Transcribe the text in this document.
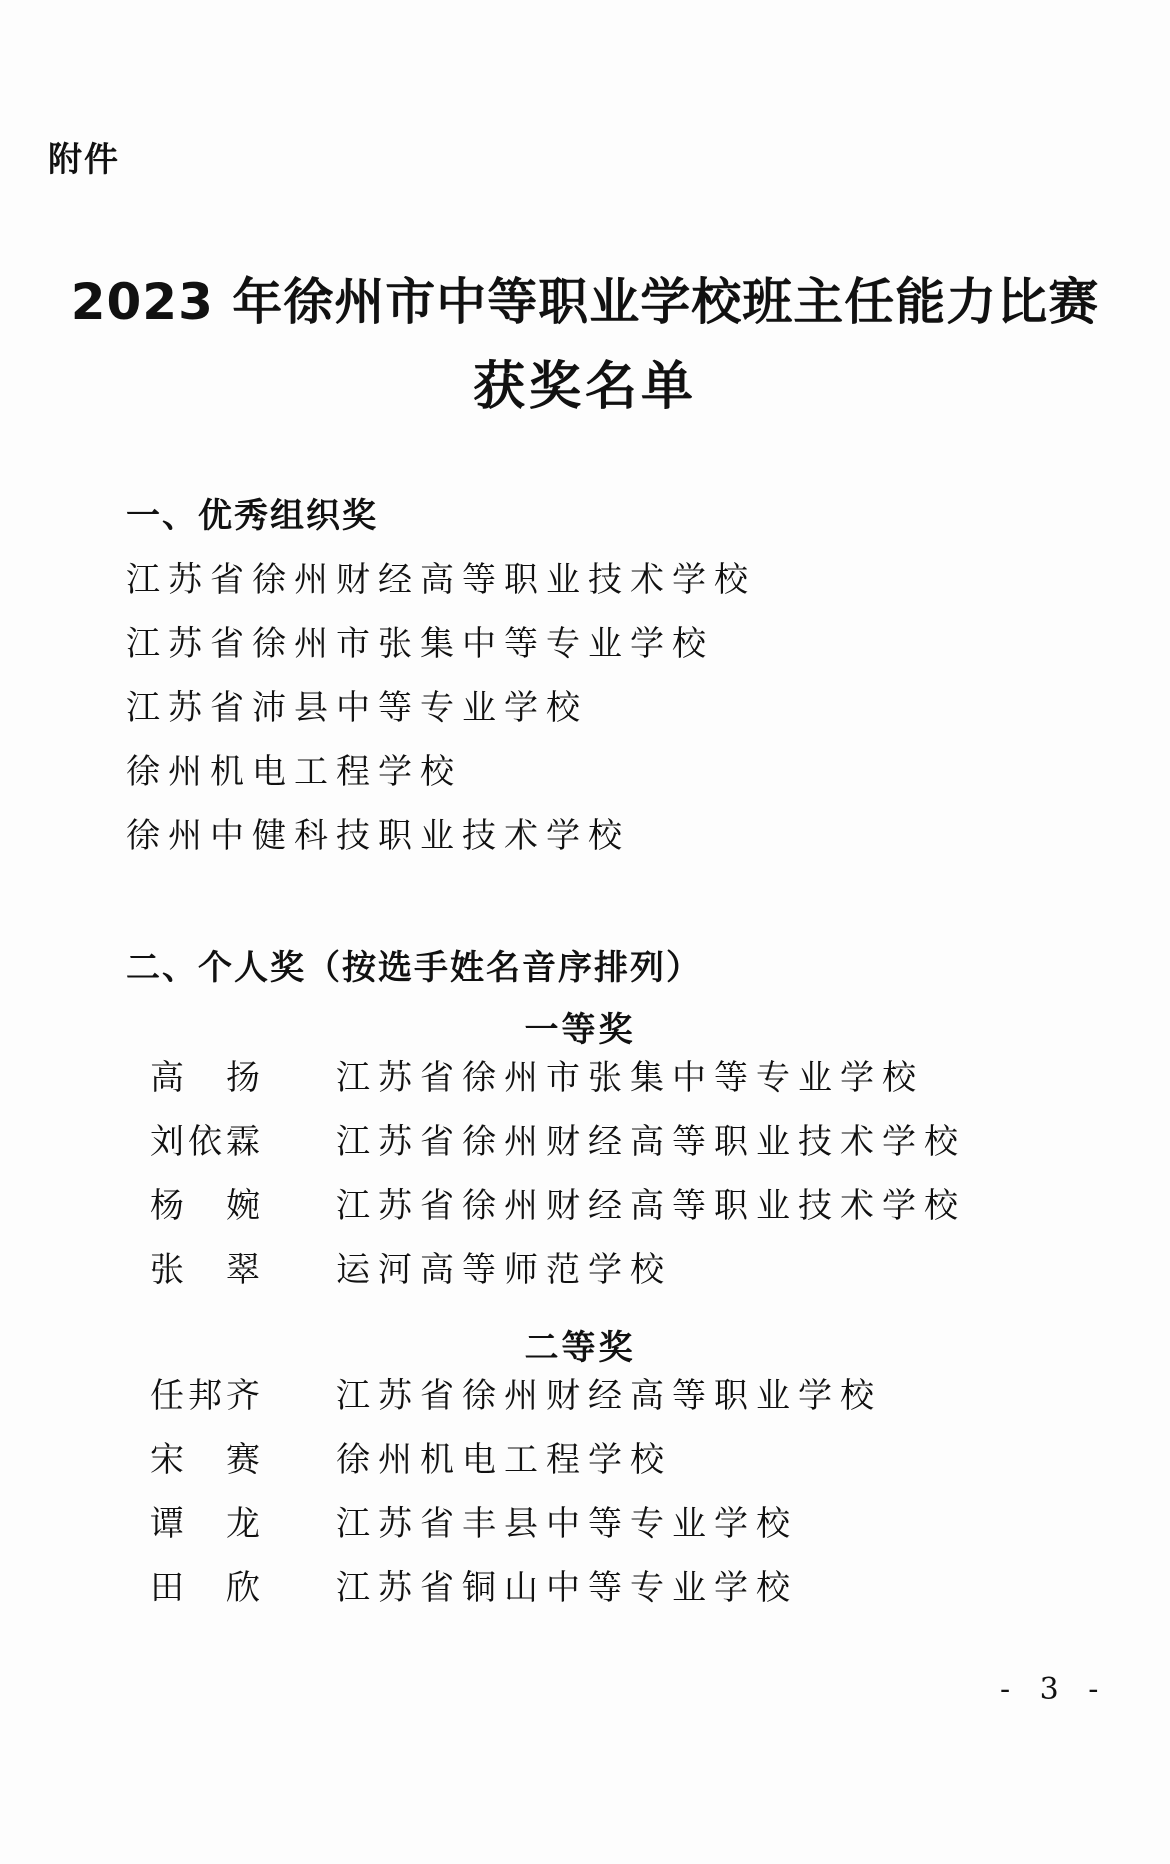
附件
2023 年徐州市中等职业学校班主任能力比赛
获奖名单
一、优秀组织奖
江苏省徐州财经高等职业技术学校
江苏省徐州市张集中等专业学校
江苏省沛县中等专业学校
徐州机电工程学校
徐州中健科技职业技术学校
二、个人奖（按选手姓名音序排列）
一等奖
高　扬	江苏省徐州市张集中等专业学校
刘依霖	江苏省徐州财经高等职业技术学校
杨　婉	江苏省徐州财经高等职业技术学校
张　翠	运河高等师范学校
二等奖
任邦齐	江苏省徐州财经高等职业学校
宋　赛	徐州机电工程学校
谭　龙	江苏省丰县中等专业学校
田　欣	江苏省铜山中等专业学校
- 3 -
